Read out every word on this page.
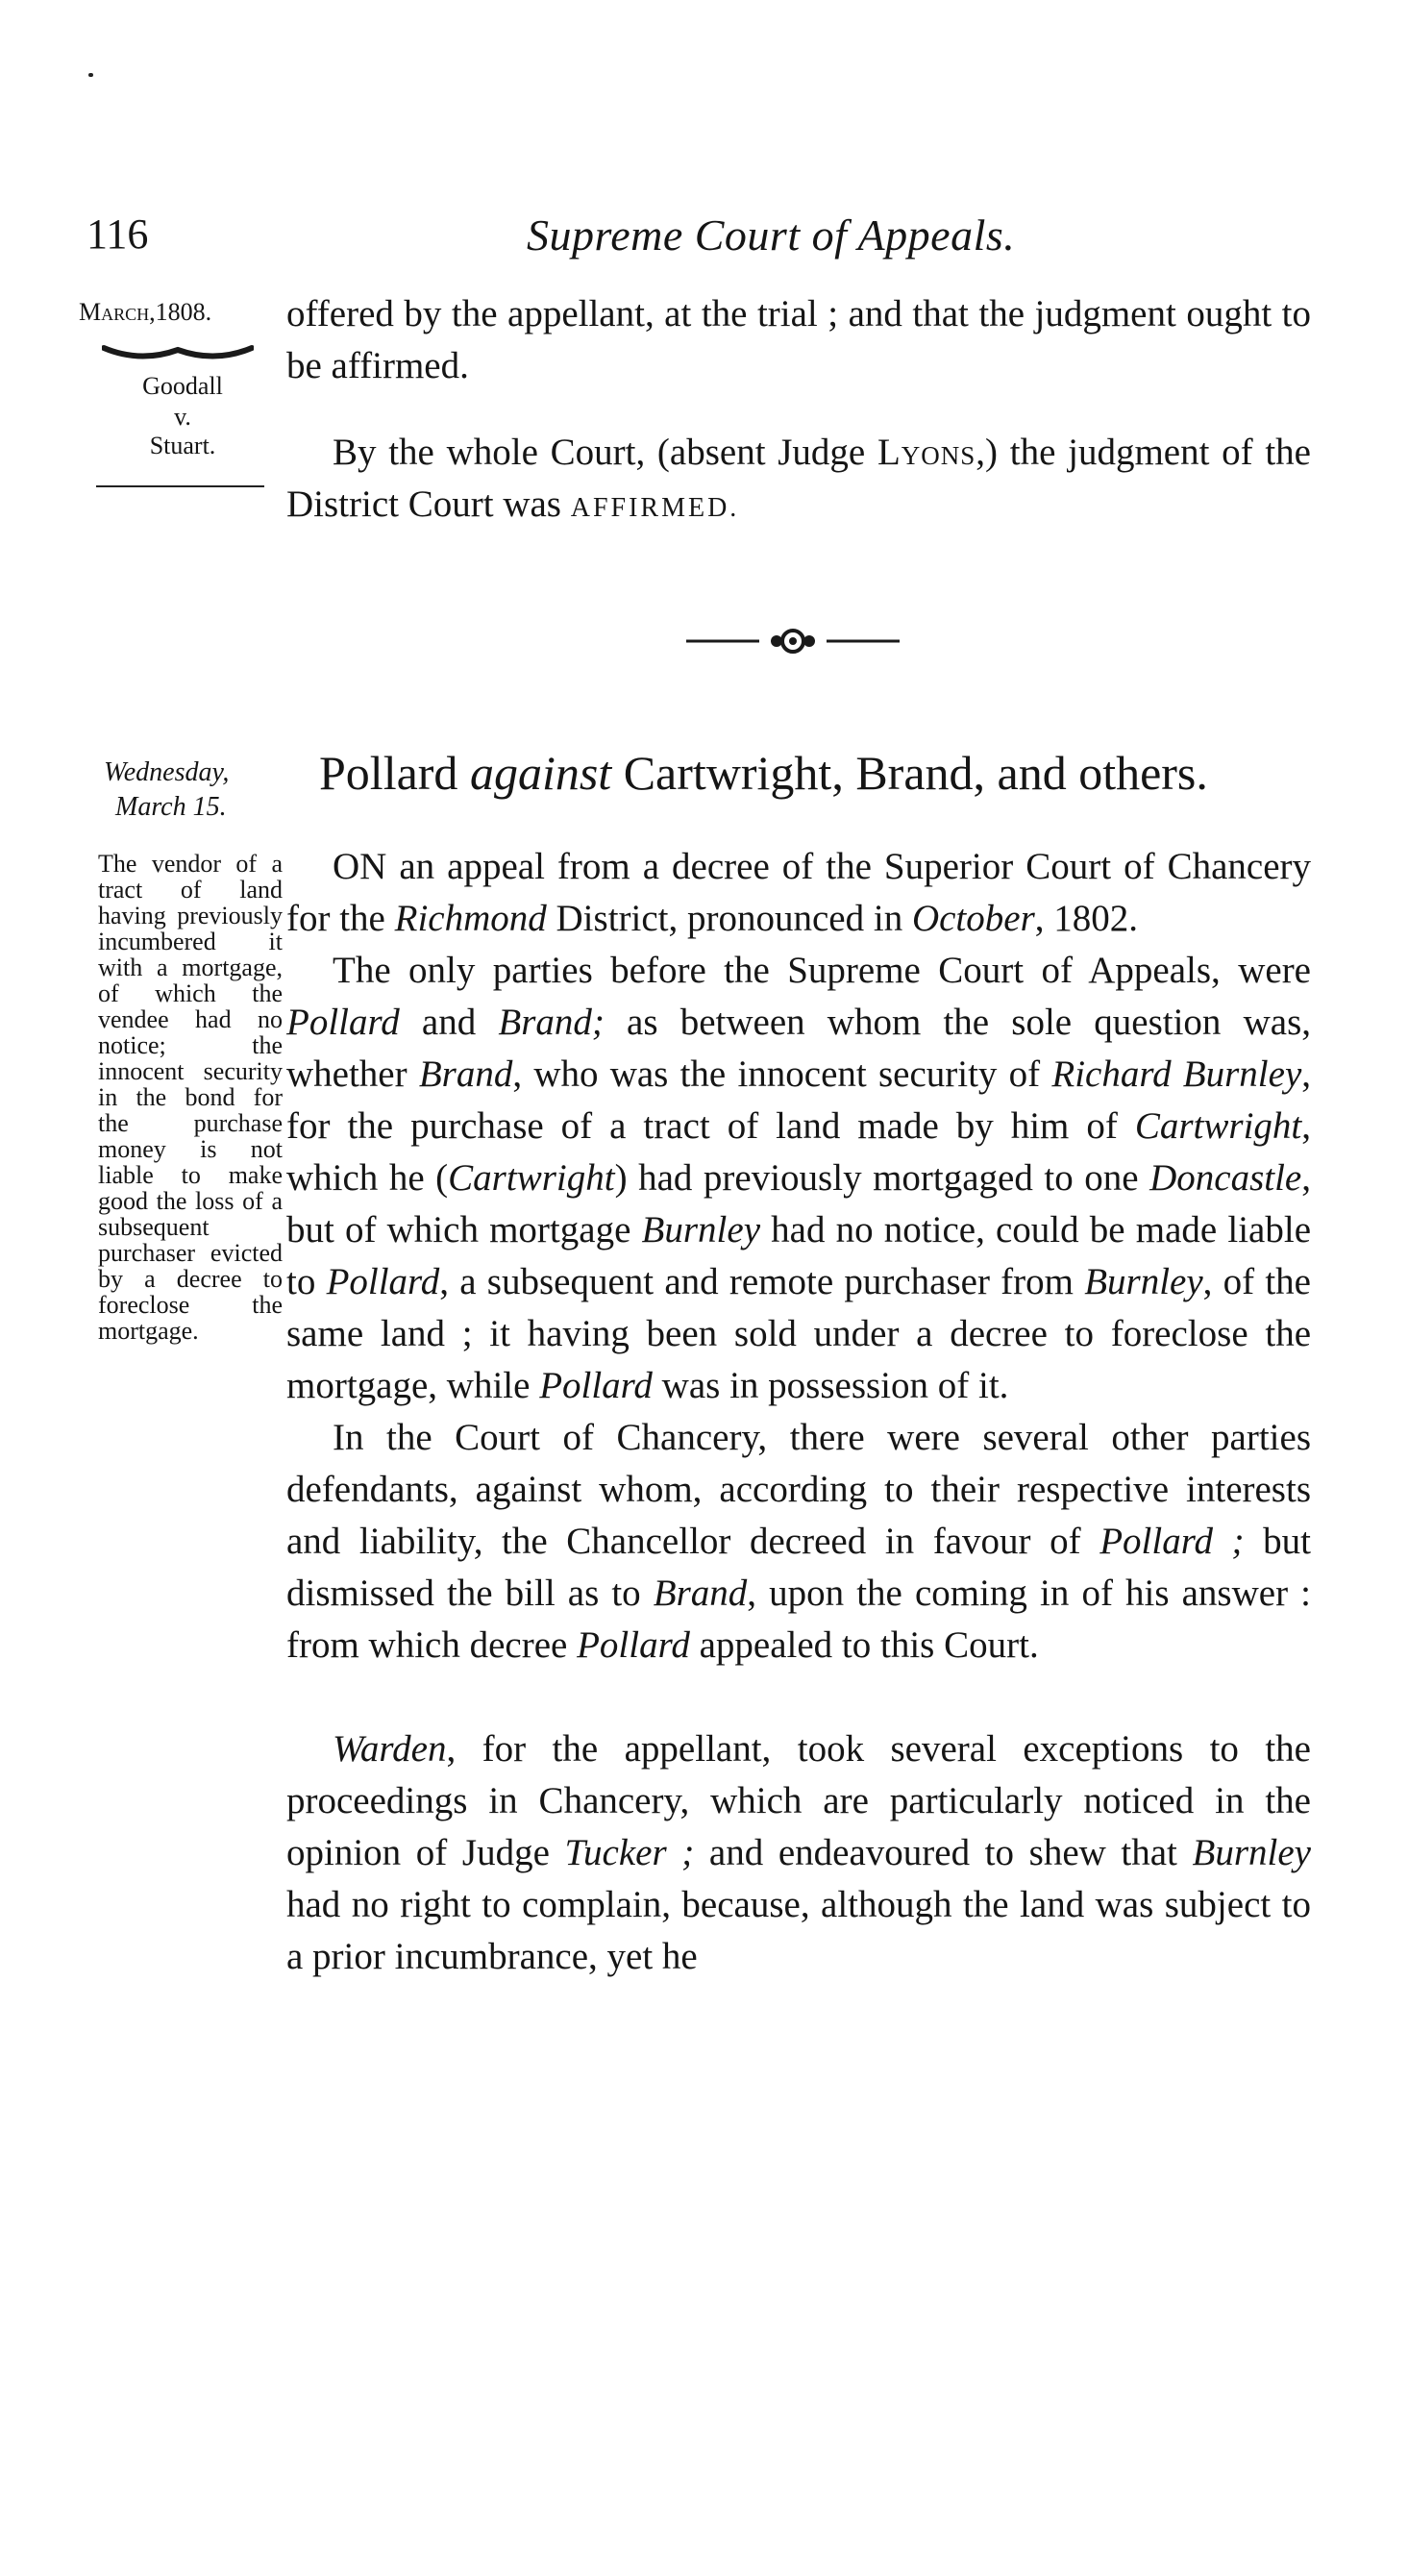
116	Supreme Court of Appeals.
March,1808.
Goodall
v.
Stuart.

offered by the appellant, at the trial ; and that the judgment ought to be affirmed.

By the whole Court, (absent Judge Lyons,) the judgment of the District Court was AFFIRMED.

Wednesday,
March 15.
Pollard against Cartwright, Brand, and others.
The vendor of a tract of land having previously incumbered it with a mortgage, of which the vendee had no notice; the innocent security in the bond for the purchase money is not liable to make good the loss of a subsequent purchaser evicted by a decree to foreclose the mortgage.

ON an appeal from a decree of the Superior Court of Chancery for the Richmond District, pronounced in October, 1802.

The only parties before the Supreme Court of Appeals, were Pollard and Brand; as between whom the sole question was, whether Brand, who was the innocent security of Richard Burnley, for the purchase of a tract of land made by him of Cartwright, which he (Cartwright) had previously mortgaged to one Doncastle, but of which mortgage Burnley had no notice, could be made liable to Pollard, a subsequent and remote purchaser from Burnley, of the same land ; it having been sold under a decree to foreclose the mortgage, while Pollard was in possession of it.

In the Court of Chancery, there were several other parties defendants, against whom, according to their respective interests and liability, the Chancellor decreed in favour of Pollard ; but dismissed the bill as to Brand, upon the coming in of his answer : from which decree Pollard appealed to this Court.

Warden, for the appellant, took several exceptions to the proceedings in Chancery, which are particularly noticed in the opinion of Judge Tucker ; and endeavoured to shew that Burnley had no right to complain, because, although the land was subject to a prior incumbrance, yet he
